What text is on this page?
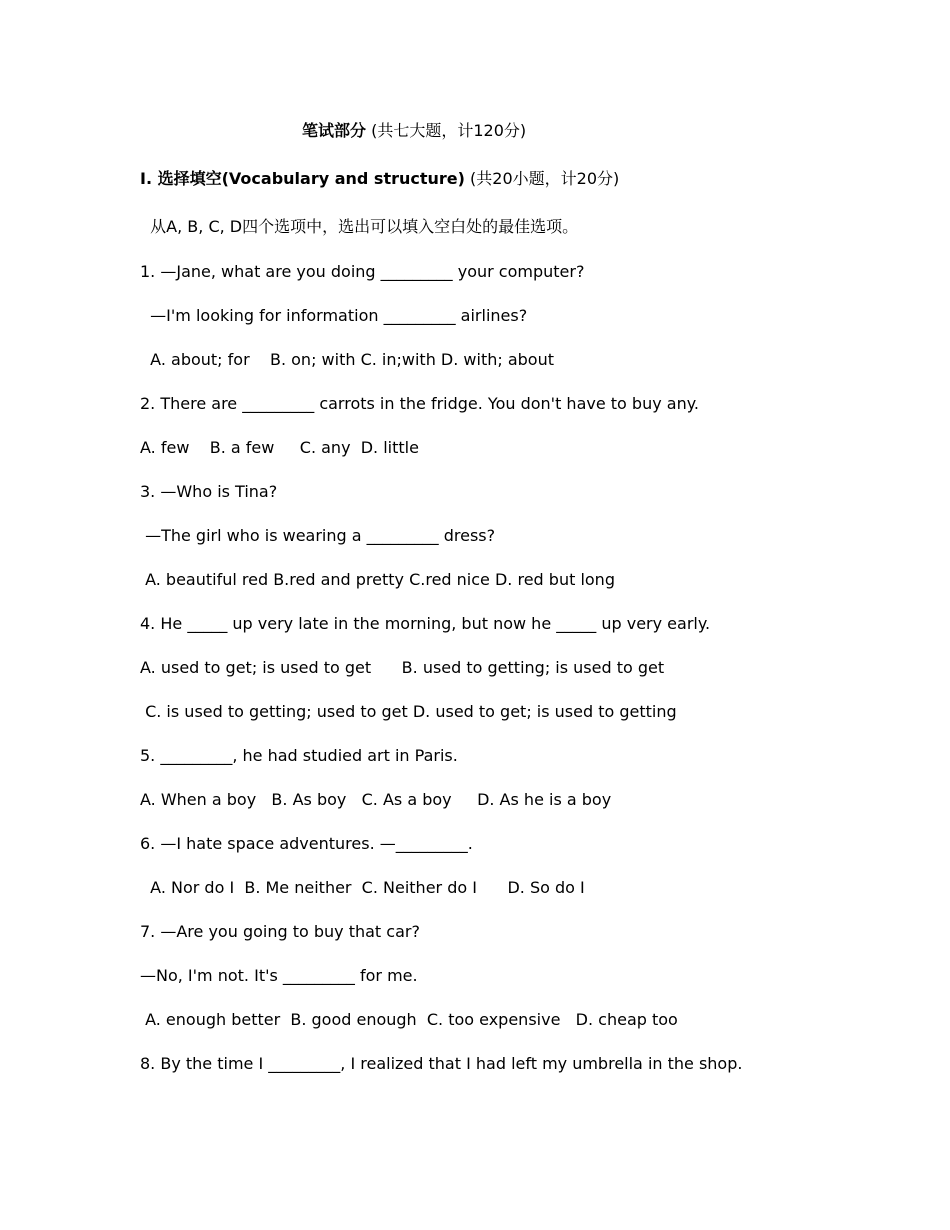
笔试部分 (共七大题，计120分)
I. 选择填空(Vocabulary and structure) (共20小题，计20分)
从A, B, C, D四个选项中，选出可以填入空白处的最佳选项。
1. —Jane, what are you doing _________ your computer?
—I'm looking for information _________ airlines?
A. about; for    B. on; with C. in;with D. with; about
2. There are _________ carrots in the fridge. You don't have to buy any.
A. few    B. a few     C. any  D. little
3. —Who is Tina?
—The girl who is wearing a _________ dress?
A. beautiful red B.red and pretty C.red nice D. red but long
4. He _____ up very late in the morning, but now he _____ up very early.
A. used to get; is used to get      B. used to getting; is used to get
C. is used to getting; used to get D. used to get; is used to getting
5. _________, he had studied art in Paris.
A. When a boy   B. As boy   C. As a boy     D. As he is a boy
6. —I hate space adventures. —_________.
A. Nor do I  B. Me neither  C. Neither do I      D. So do I
7. —Are you going to buy that car?
—No, I'm not. It's _________ for me.
A. enough better  B. good enough  C. too expensive   D. cheap too
8. By the time I _________, I realized that I had left my umbrella in the shop.
